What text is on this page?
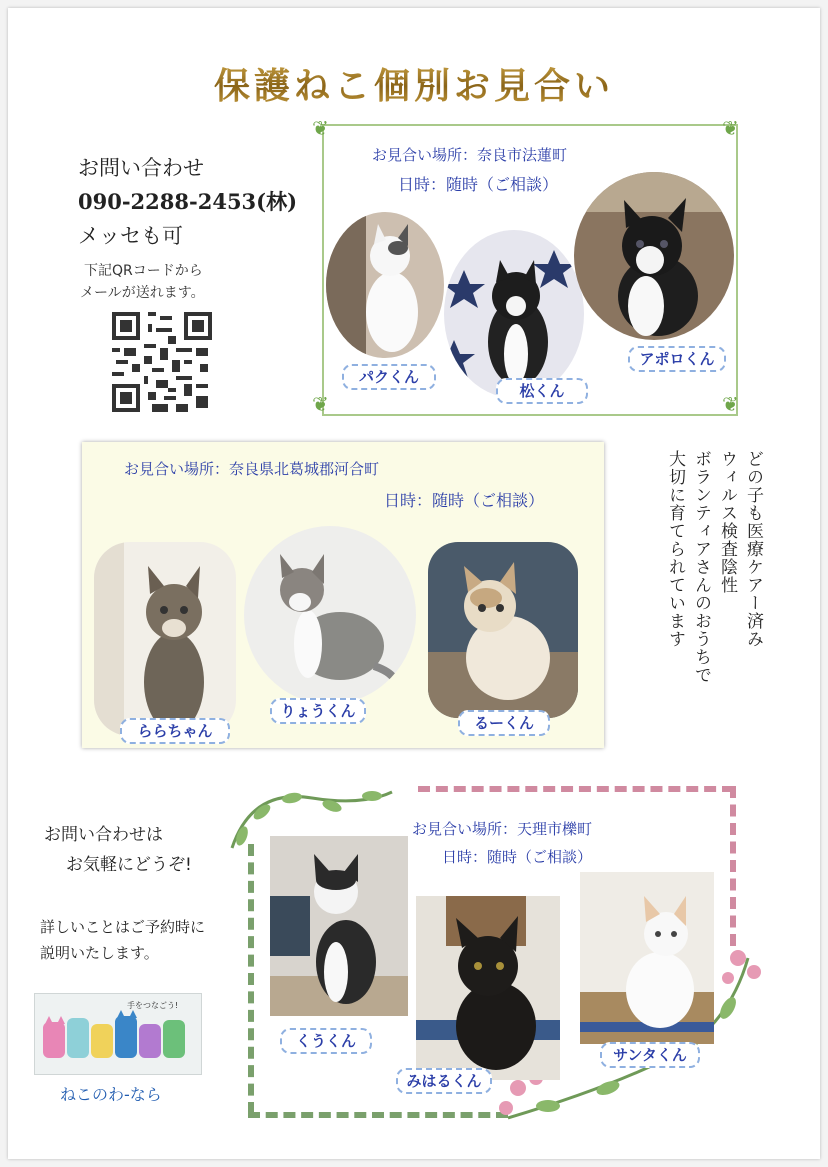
保護ねこ個別お見合い
お問い合わせ
090-2288-2453(林)
メッセも可
下記QRコードから
メールが送れます。
❦	❦
❦	❦
お見合い場所：奈良市法蓮町
日時：随時（ご相談）
パクくん
松くん
アポロくん
お見合い場所：奈良県北葛城郡河合町
日時：随時（ご相談）
ららちゃん
りょうくん
るーくん
どの子も医療ケアー済み
ウィルス検査陰性
ボランティアさんのおうちで
大切に育てられています
お見合い場所：天理市櫟町
日時：随時（ご相談）
くうくん
みはるくん
サンタくん
お問い合わせは
お気軽にどうぞ!
詳しいことはご予約時に
説明いたします。
手をつなごう!
ねこのわ-なら
